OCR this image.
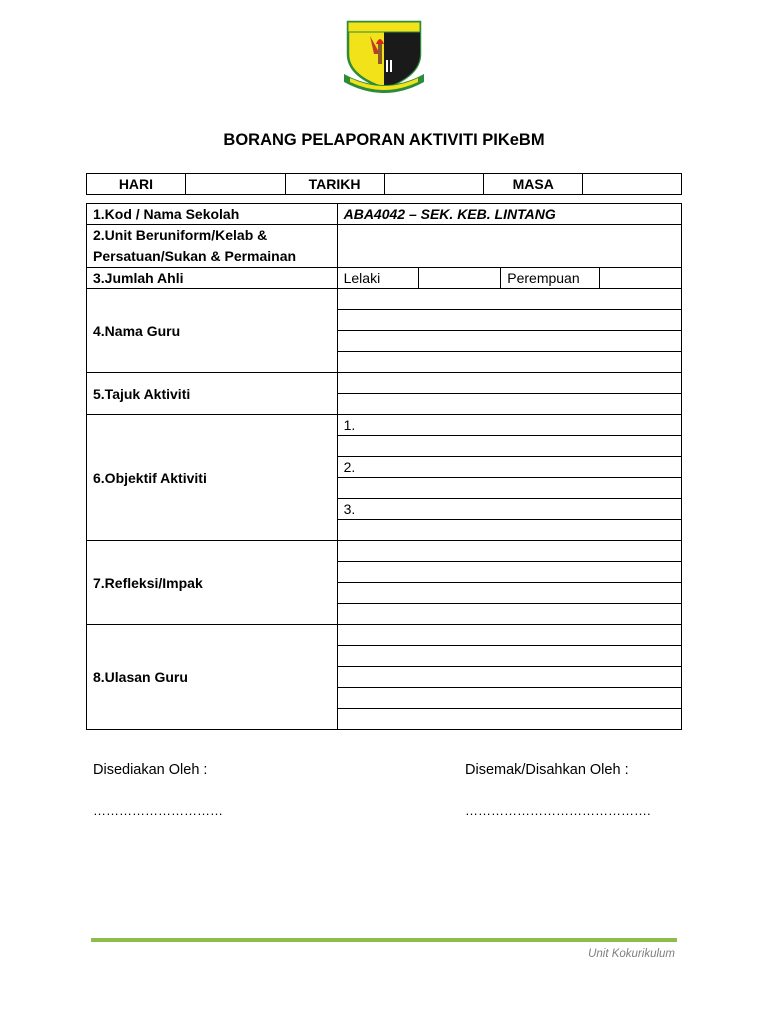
BORANG PELAPORAN AKTIVITI PIKeBM
HARI		TARIKH		MASA	
1.Kod / Nama Sekolah	ABA4042 – SEK. KEB. LINTANG			

2.Unit Beruniform/Kelab &
Persatuan/Sukan & Permainan				

3.Jumlah Ahli	Lelaki		Perempuan	
4.Nama Guru				

5.Tajuk Aktiviti				

6.Objektif Aktiviti	1.			

	2.			

	3.			

7.Refleksi/Impak				

8.Ulasan Guru				

Disediakan Oleh :	Disemak/Disahkan Oleh :
…………………………	…………………………………….
Unit Kokurikulum
